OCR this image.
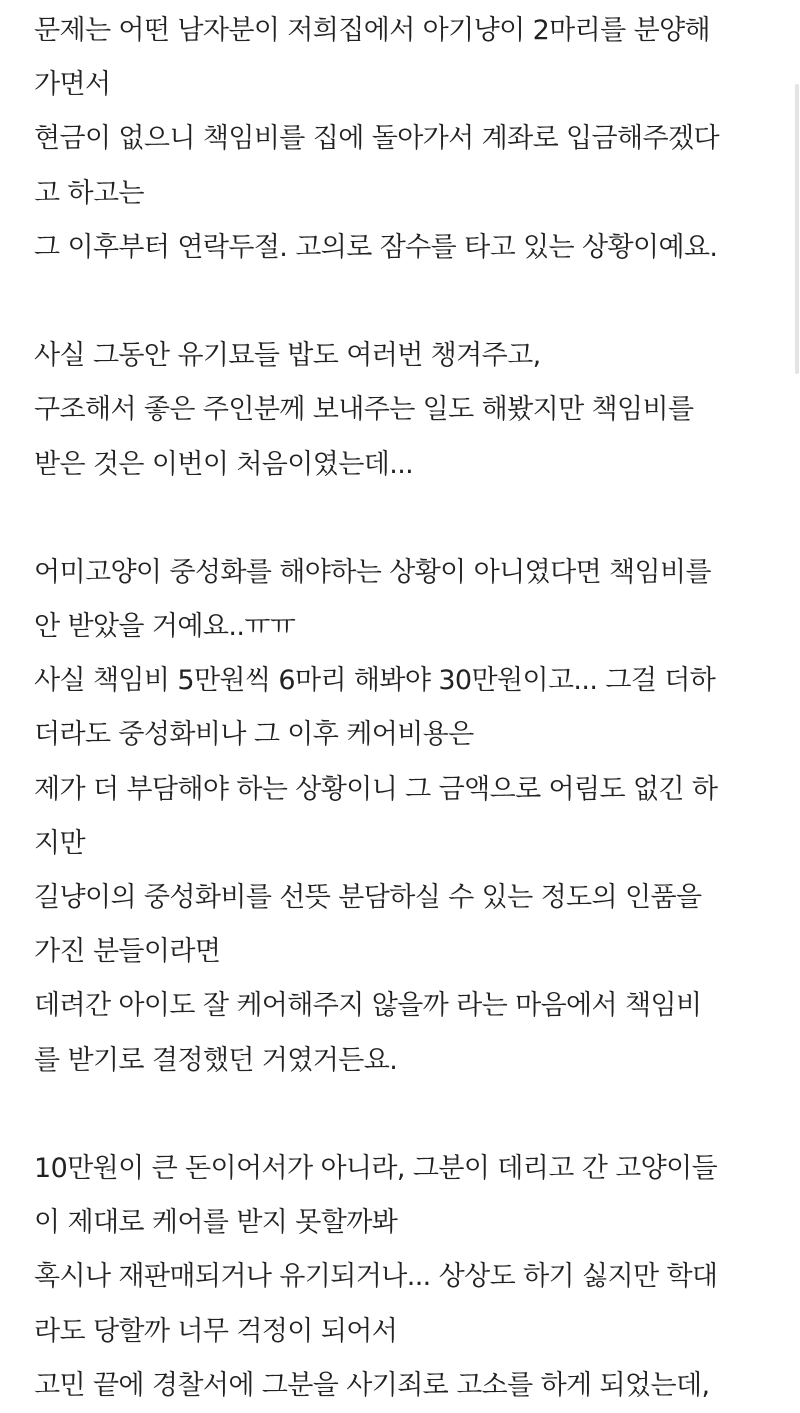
문제는 어떤 남자분이 저희집에서 아기냥이 2마리를 분양해
가면서
현금이 없으니 책임비를 집에 돌아가서 계좌로 입금해주겠다
고 하고는
그 이후부터 연락두절. 고의로 잠수를 타고 있는 상황이예요.
사실 그동안 유기묘들 밥도 여러번 챙겨주고,
구조해서 좋은 주인분께 보내주는 일도 해봤지만 책임비를
받은 것은 이번이 처음이였는데...
어미고양이 중성화를 해야하는 상황이 아니였다면 책임비를
안 받았을 거예요..ㅠㅠ
사실 책임비 5만원씩 6마리 해봐야 30만원이고... 그걸 더하
더라도 중성화비나 그 이후 케어비용은
제가 더 부담해야 하는 상황이니 그 금액으로 어림도 없긴 하
지만
길냥이의 중성화비를 선뜻 분담하실 수 있는 정도의 인품을
가진 분들이라면
데려간 아이도 잘 케어해주지 않을까 라는 마음에서 책임비
를 받기로 결정했던 거였거든요.
10만원이 큰 돈이어서가 아니라, 그분이 데리고 간 고양이들
이 제대로 케어를 받지 못할까봐
혹시나 재판매되거나 유기되거나... 상상도 하기 싫지만 학대
라도 당할까 너무 걱정이 되어서
고민 끝에 경찰서에 그분을 사기죄로 고소를 하게 되었는데,
